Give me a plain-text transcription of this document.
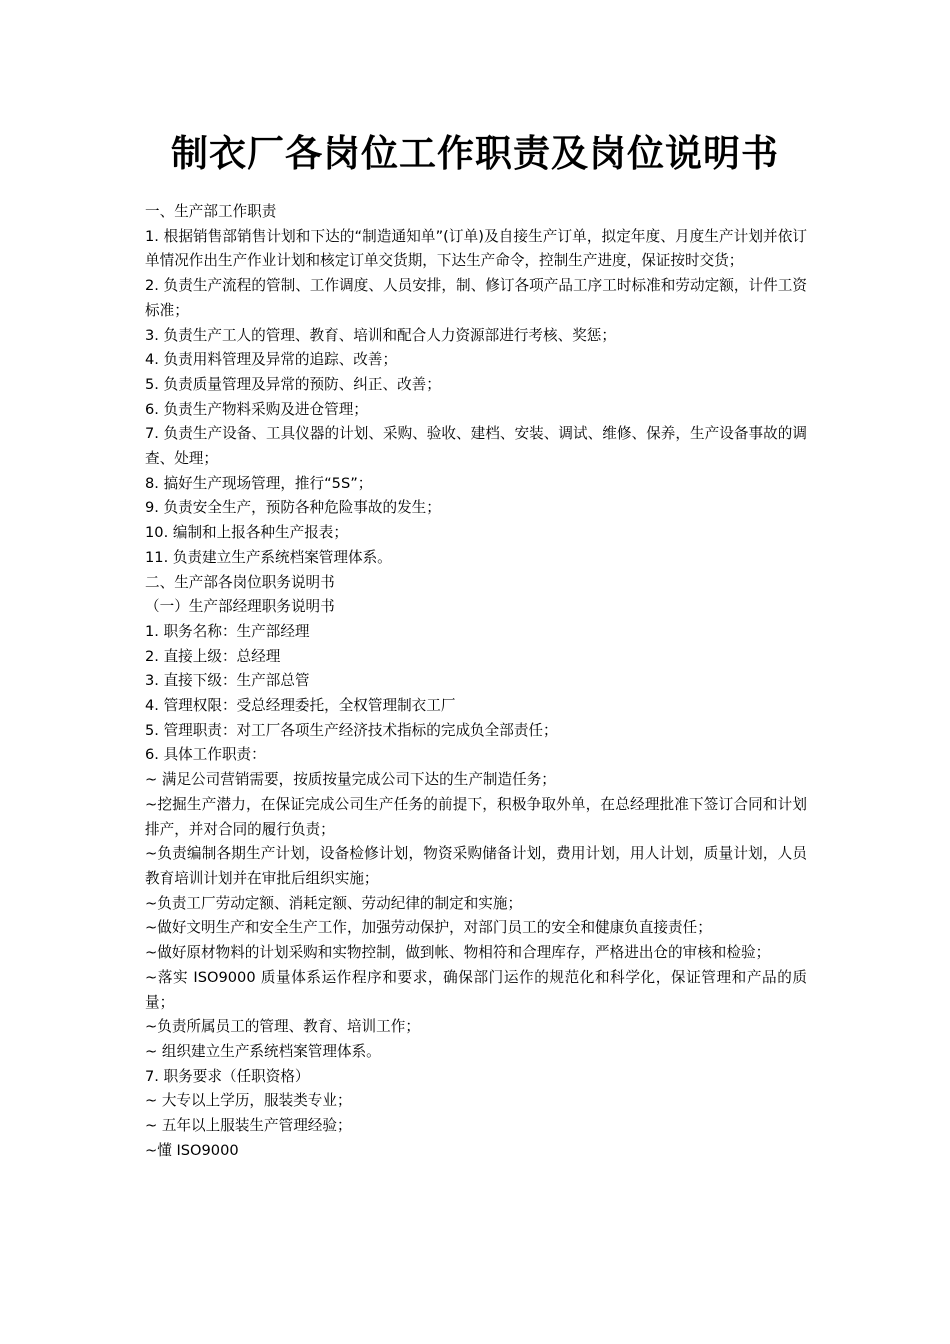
制衣厂各岗位工作职责及岗位说明书

一、生产部工作职责

1. 根据销售部销售计划和下达的“制造通知单”(订单)及自接生产订单，拟定年度、月度生产计划并依订单情况作出生产作业计划和核定订单交货期，下达生产命令，控制生产进度，保证按时交货；

2. 负责生产流程的管制、工作调度、人员安排，制、修订各项产品工序工时标准和劳动定额，计件工资标准；

3. 负责生产工人的管理、教育、培训和配合人力资源部进行考核、奖惩；

4. 负责用料管理及异常的追踪、改善；

5. 负责质量管理及异常的预防、纠正、改善；

6. 负责生产物料采购及进仓管理；

7. 负责生产设备、工具仪器的计划、采购、验收、建档、安装、调试、维修、保养，生产设备事故的调查、处理；

8. 搞好生产现场管理，推行“5S”；

9. 负责安全生产，预防各种危险事故的发生；

10. 编制和上报各种生产报表；

11. 负责建立生产系统档案管理体系。

二、生产部各岗位职务说明书

（一）生产部经理职务说明书

1. 职务名称：生产部经理

2. 直接上级：总经理

3. 直接下级：生产部总管

4. 管理权限：受总经理委托，全权管理制衣工厂

5. 管理职责：对工厂各项生产经济技术指标的完成负全部责任；

6. 具体工作职责：

~ 满足公司营销需要，按质按量完成公司下达的生产制造任务；

~挖掘生产潜力，在保证完成公司生产任务的前提下，积极争取外单，在总经理批准下签订合同和计划排产，并对合同的履行负责；

~负责编制各期生产计划，设备检修计划，物资采购储备计划，费用计划，用人计划，质量计划，人员教育培训计划并在审批后组织实施；

~负责工厂劳动定额、消耗定额、劳动纪律的制定和实施；

~做好文明生产和安全生产工作，加强劳动保护，对部门员工的安全和健康负直接责任；

~做好原材物料的计划采购和实物控制，做到帐、物相符和合理库存，严格进出仓的审核和检验；

~落实 ISO9000 质量体系运作程序和要求，确保部门运作的规范化和科学化，保证管理和产品的质量；

~负责所属员工的管理、教育、培训工作；

~ 组织建立生产系统档案管理体系。

7. 职务要求（任职资格）

~ 大专以上学历，服装类专业；

~ 五年以上服装生产管理经验；

~懂 ISO9000
